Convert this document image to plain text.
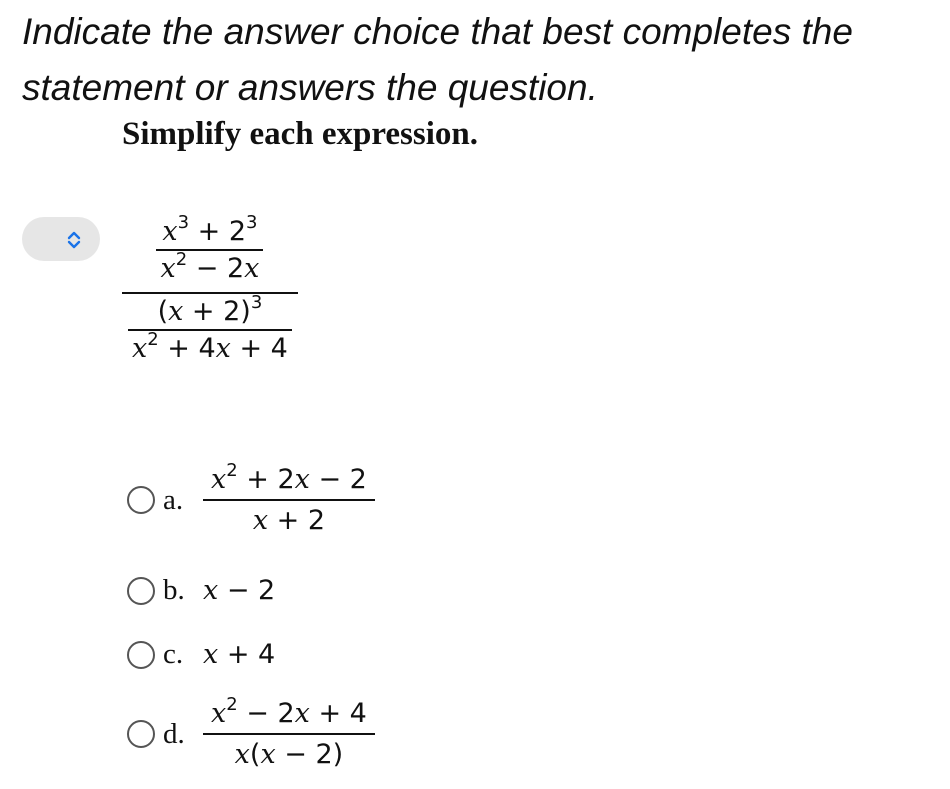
Indicate the answer choice that best completes the statement or answers the question.
Simplify each expression.
$\frac{\frac{x^3 + 2^3}{x^2 - 2x}}{\frac{(x + 2)^3}{x^2 + 4x + 4}}$
a. $\frac{x^2 + 2x - 2}{x + 2}$
b. x − 2
c. x + 4
d. $\frac{x^2 - 2x + 4}{x(x - 2)}$
